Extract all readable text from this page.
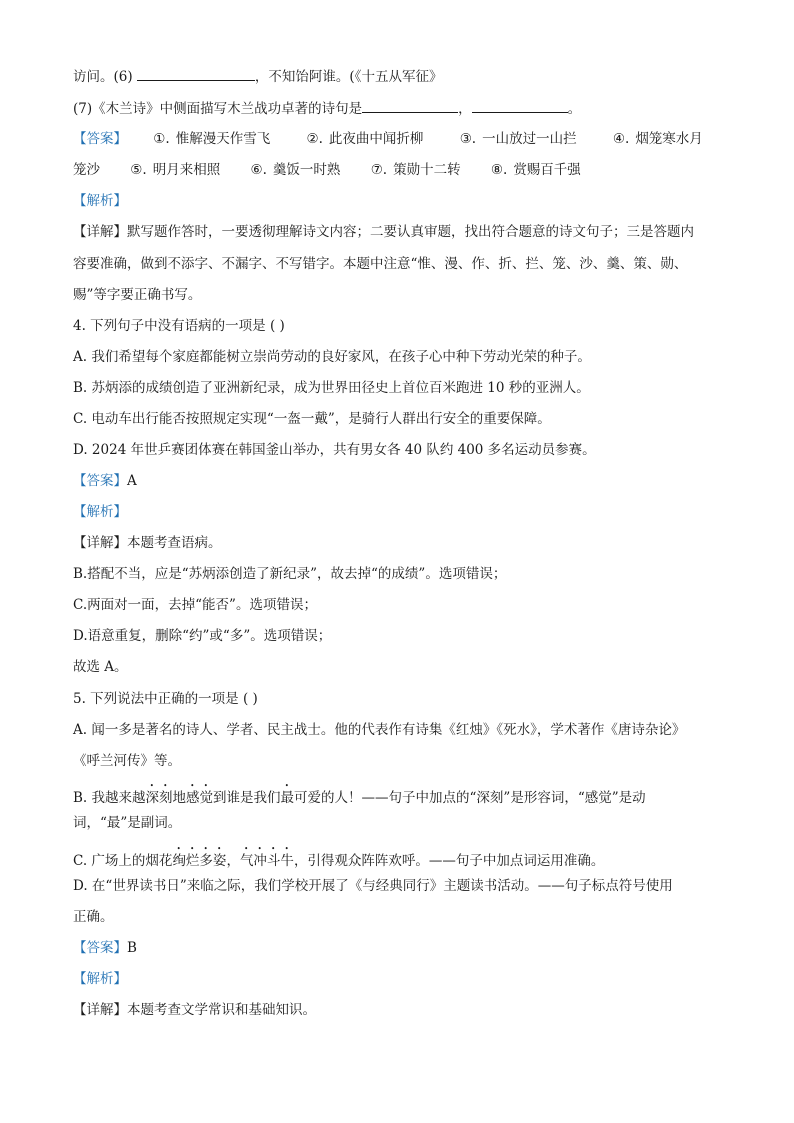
访问。(6)	，不知饴阿谁。(《十五从军征》
(7)《木兰诗》中侧面描写木兰战功卓著的诗句是	，	。
【答案】 ①. 惟解漫天作雪飞	②. 此夜曲中闻折柳	③. 一山放过一山拦	④. 烟笼寒水月
笼沙 ⑤. 明月来相照 ⑥. 羹饭一时熟 ⑦. 策勋十二转 ⑧. 赏赐百千强
【解析】
【详解】默写题作答时，一要透彻理解诗文内容；二要认真审题，找出符合题意的诗文句子；三是答题内
容要准确，做到不添字、不漏字、不写错字。本题中注意“惟、漫、作、折、拦、笼、沙、羹、策、勋、
赐”等字要正确书写。
4. 下列句子中没有语病的一项是 ( )
A. 我们希望每个家庭都能树立崇尚劳动的良好家风，在孩子心中种下劳动光荣的种子。
B. 苏炳添的成绩创造了亚洲新纪录，成为世界田径史上首位百米跑进 10 秒的亚洲人。
C. 电动车出行能否按照规定实现“一盔一戴”，是骑行人群出行安全的重要保障。
D. 2024 年世乒赛团体赛在韩国釜山举办，共有男女各 40 队约 400 多名运动员参赛。
【答案】A
【解析】
【详解】本题考查语病。
B.搭配不当，应是“苏炳添创造了新纪录”，故去掉“的成绩”。选项错误；
C.两面对一面，去掉“能否”。选项错误；
D.语意重复，删除“约”或“多”。选项错误；
故选 A。
5. 下列说法中正确的一项是 ( )
A. 闻一多是著名的诗人、学者、民主战士。他的代表作有诗集《红烛》《死水》，学术著作《唐诗杂论》
《呼兰河传》等。
B. 我越来越深刻地感觉到谁是我们最可爱的人！——句子中加点的“深刻”是形容词，“感觉”是动
词，“最”是副词。
C. 广场上的烟花绚烂多姿，气冲斗牛，引得观众阵阵欢呼。——句子中加点词运用准确。
D. 在“世界读书日”来临之际，我们学校开展了《与经典同行》主题读书活动。——句子标点符号使用
正确。
【答案】B
【解析】
【详解】本题考查文学常识和基础知识。
